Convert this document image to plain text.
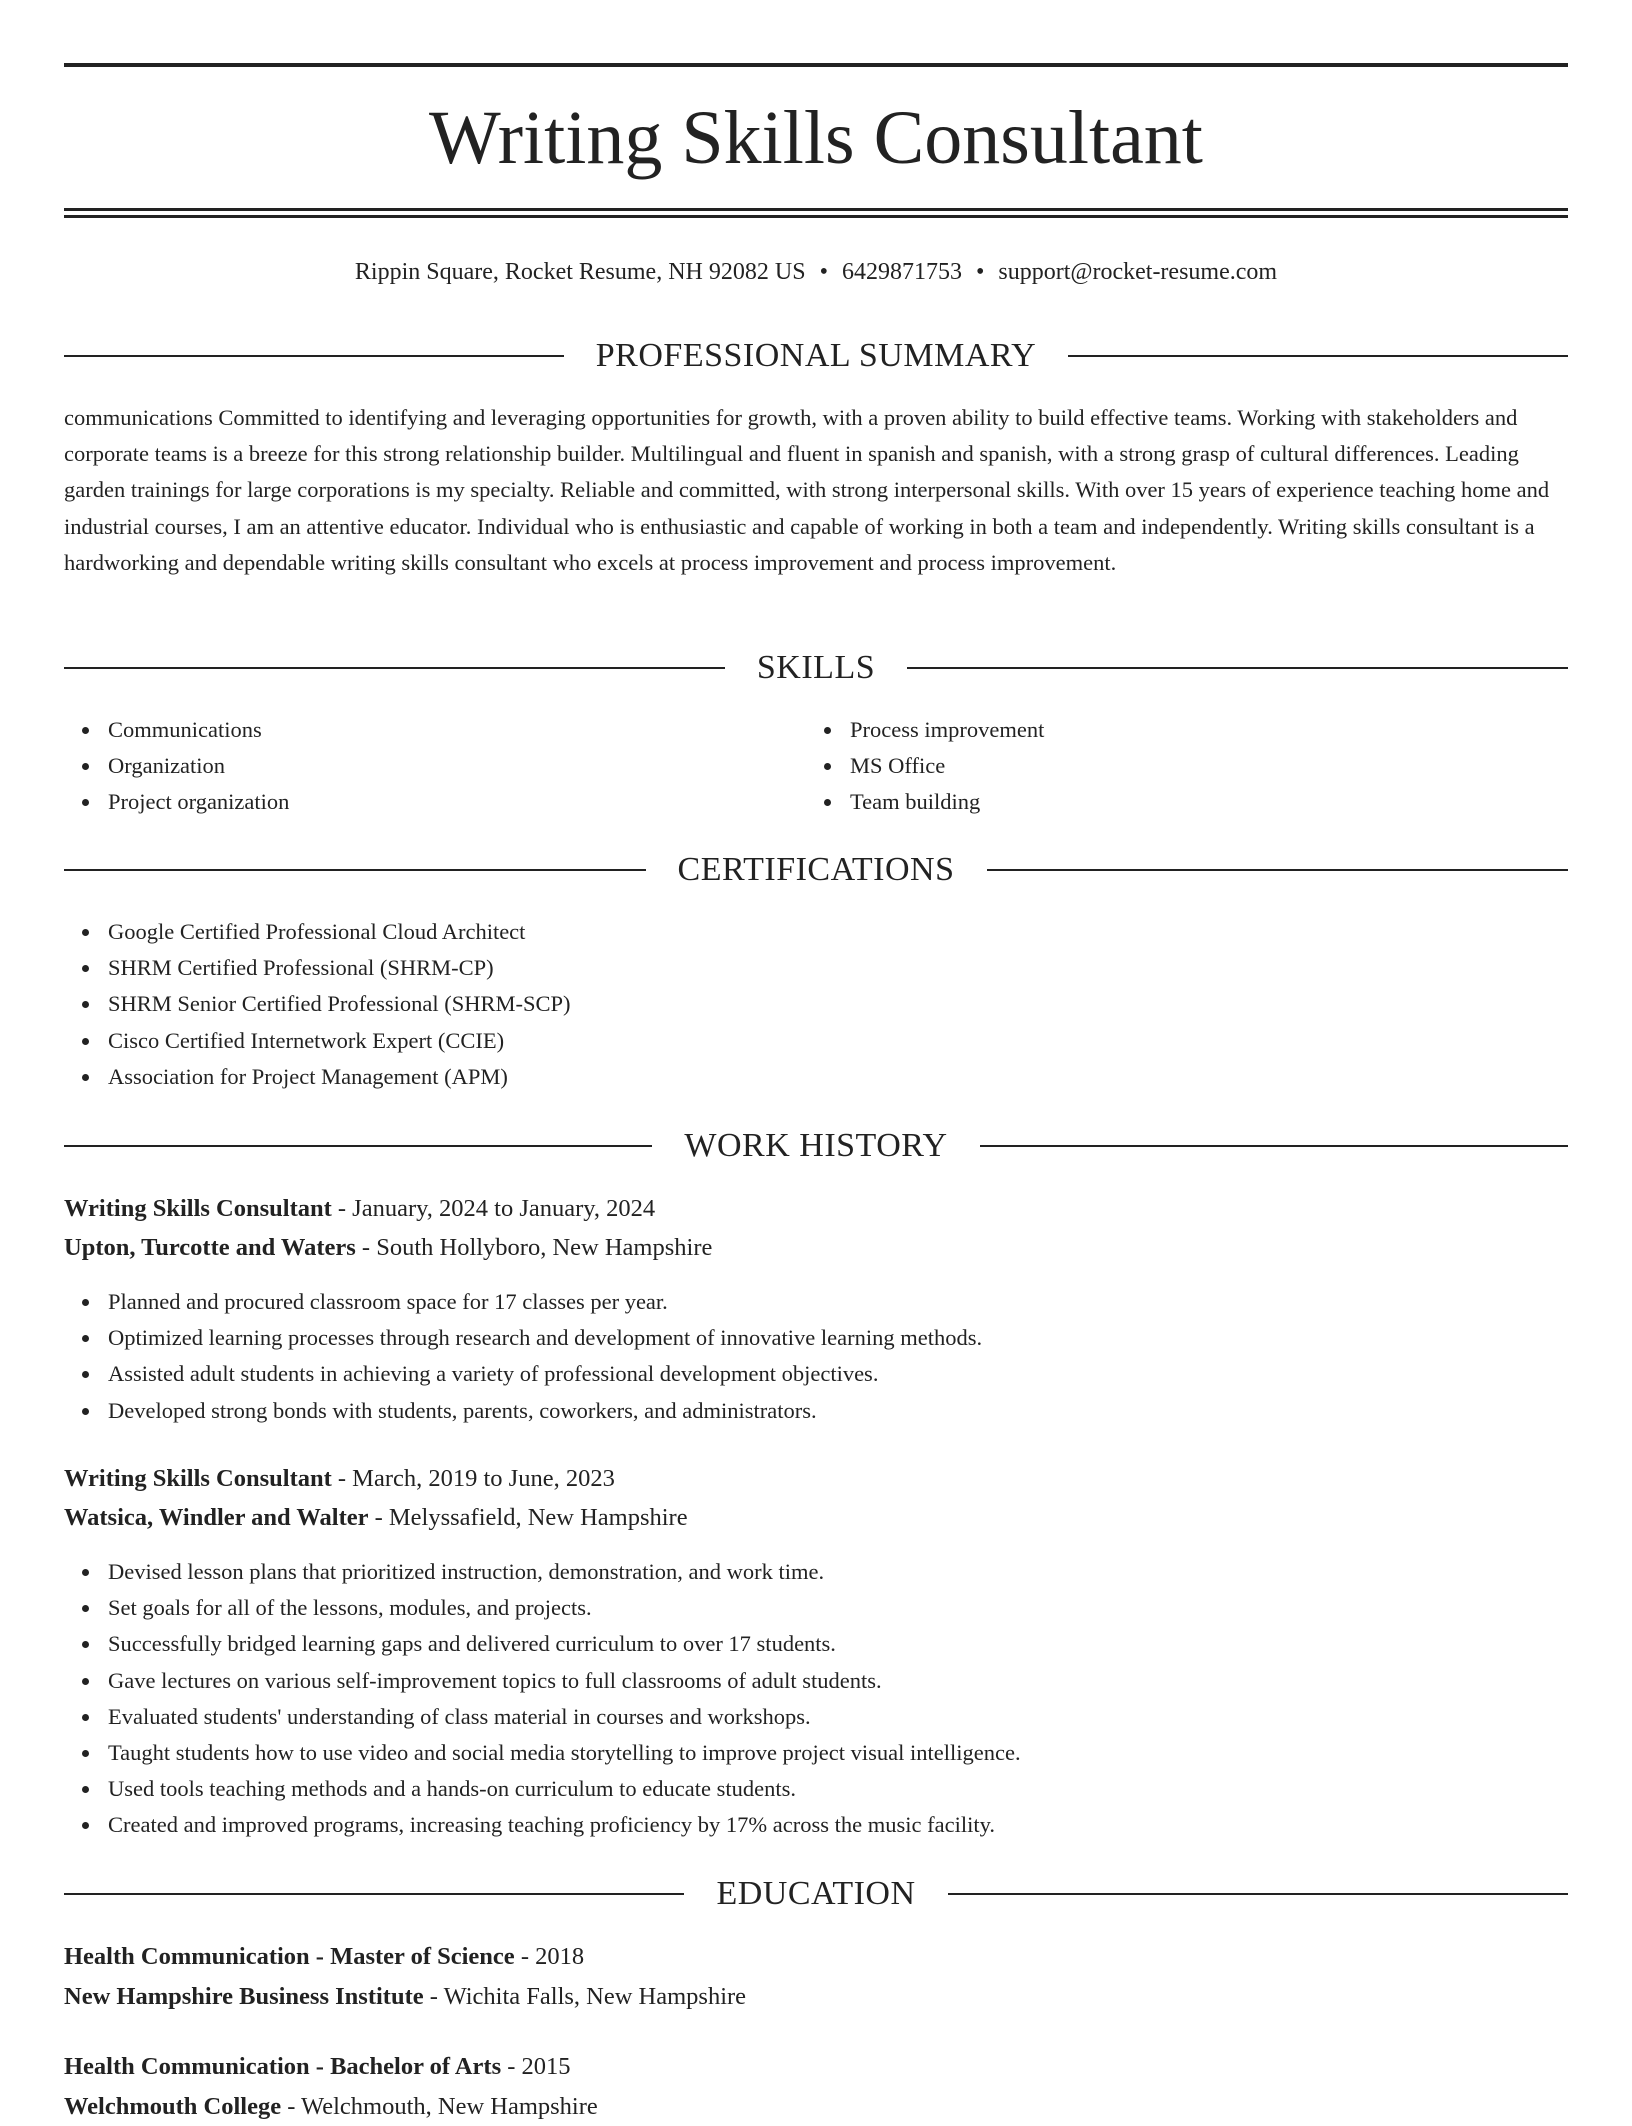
Writing Skills Consultant
Rippin Square, Rocket Resume, NH 92082 US • 6429871753 • support@rocket-resume.com
PROFESSIONAL SUMMARY

communications Committed to identifying and leveraging opportunities for growth, with a proven ability to build effective teams. Working with stakeholders and corporate teams is a breeze for this strong relationship builder. Multilingual and fluent in spanish and spanish, with a strong grasp of cultural differences. Leading garden trainings for large corporations is my specialty. Reliable and committed, with strong interpersonal skills. With over 15 years of experience teaching home and industrial courses, I am an attentive educator. Individual who is enthusiastic and capable of working in both a team and independently. Writing skills consultant is a hardworking and dependable writing skills consultant who excels at process improvement and process improvement.

SKILLS
Communications
Organization
Project organization
Process improvement
MS Office
Team building
CERTIFICATIONS
Google Certified Professional Cloud Architect
SHRM Certified Professional (SHRM-CP)
SHRM Senior Certified Professional (SHRM-SCP)
Cisco Certified Internetwork Expert (CCIE)
Association for Project Management (APM)
WORK HISTORY
Writing Skills Consultant - January, 2024 to January, 2024
Upton, Turcotte and Waters - South Hollyboro, New Hampshire
Planned and procured classroom space for 17 classes per year.
Optimized learning processes through research and development of innovative learning methods.
Assisted adult students in achieving a variety of professional development objectives.
Developed strong bonds with students, parents, coworkers, and administrators.
Writing Skills Consultant - March, 2019 to June, 2023
Watsica, Windler and Walter - Melyssafield, New Hampshire
Devised lesson plans that prioritized instruction, demonstration, and work time.
Set goals for all of the lessons, modules, and projects.
Successfully bridged learning gaps and delivered curriculum to over 17 students.
Gave lectures on various self-improvement topics to full classrooms of adult students.
Evaluated students' understanding of class material in courses and workshops.
Taught students how to use video and social media storytelling to improve project visual intelligence.
Used tools teaching methods and a hands-on curriculum to educate students.
Created and improved programs, increasing teaching proficiency by 17% across the music facility.
EDUCATION
Health Communication - Master of Science - 2018
New Hampshire Business Institute - Wichita Falls, New Hampshire
Health Communication - Bachelor of Arts - 2015
Welchmouth College - Welchmouth, New Hampshire
